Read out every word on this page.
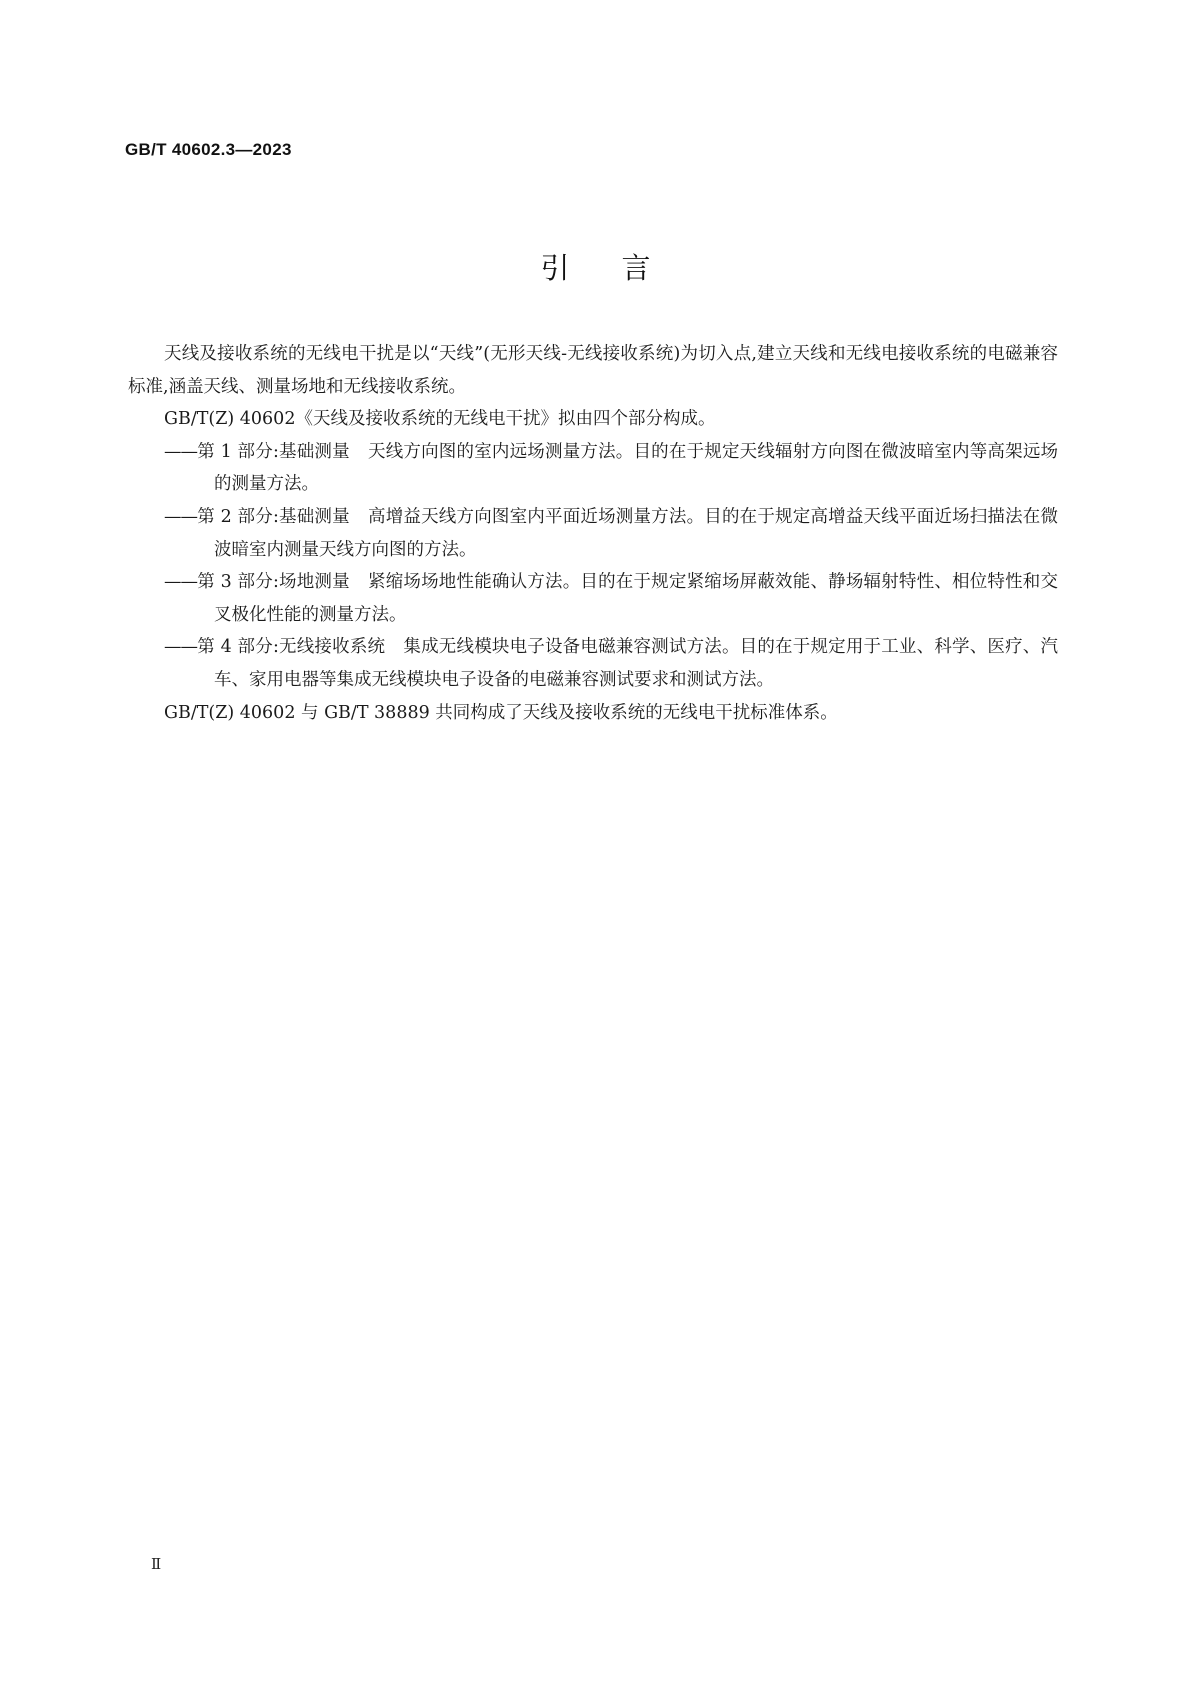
GB/T 40602.3—2023
引言

天线及接收系统的无线电干扰是以“天线”(无形天线-无线接收系统)为切入点,建立天线和无线电接收系统的电磁兼容标准,涵盖天线、测量场地和无线接收系统。

GB/T(Z) 40602《天线及接收系统的无线电干扰》拟由四个部分构成。

——第 1 部分:基础测量 天线方向图的室内远场测量方法。目的在于规定天线辐射方向图在微波暗室内等高架远场的测量方法。

——第 2 部分:基础测量 高增益天线方向图室内平面近场测量方法。目的在于规定高增益天线平面近场扫描法在微波暗室内测量天线方向图的方法。

——第 3 部分:场地测量 紧缩场场地性能确认方法。目的在于规定紧缩场屏蔽效能、静场辐射特性、相位特性和交叉极化性能的测量方法。

——第 4 部分:无线接收系统 集成无线模块电子设备电磁兼容测试方法。目的在于规定用于工业、科学、医疗、汽车、家用电器等集成无线模块电子设备的电磁兼容测试要求和测试方法。

GB/T(Z) 40602 与 GB/T 38889 共同构成了天线及接收系统的无线电干扰标准体系。

Ⅱ
